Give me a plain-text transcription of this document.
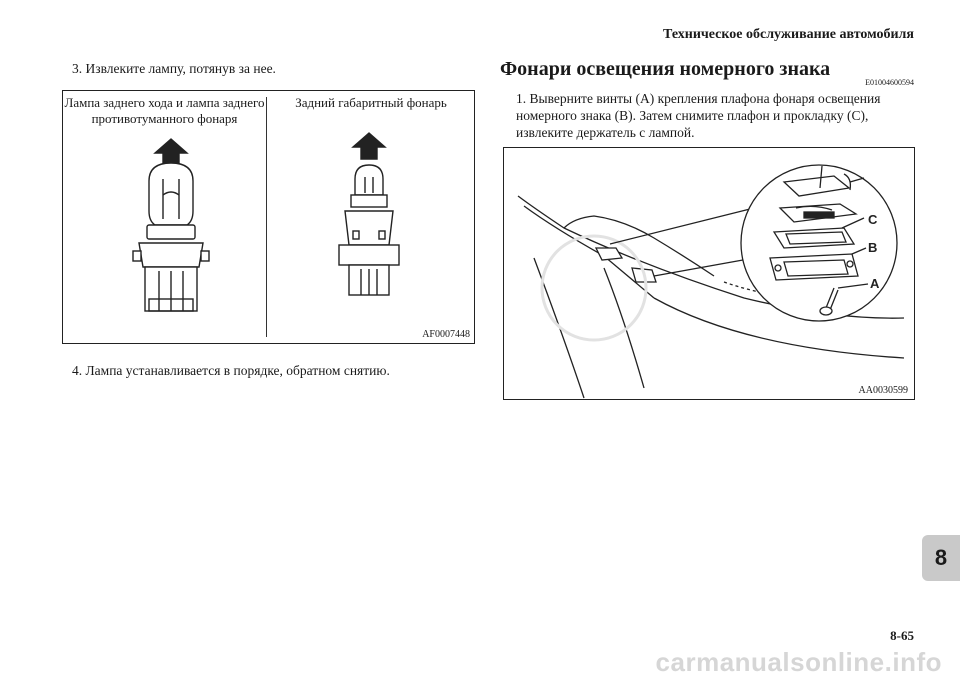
Техническое обслуживание автомобиля
3. Извлеките лампу, потянув за нее.
Лампа заднего хода и лампа заднего противотуманного фонаря
Задний габаритный фонарь
AF0007448
4. Лампа устанавливается в порядке, обратном снятию.
Фонари освещения номерного знака
E01004600594
1. Выверните винты (A) крепления плафона фонаря освещения номерного знака (B). Затем снимите плафон и прокладку (C), извлеките держатель с лампой.
C
B
A
AA0030599
8
8-65
carmanualsonline.info
